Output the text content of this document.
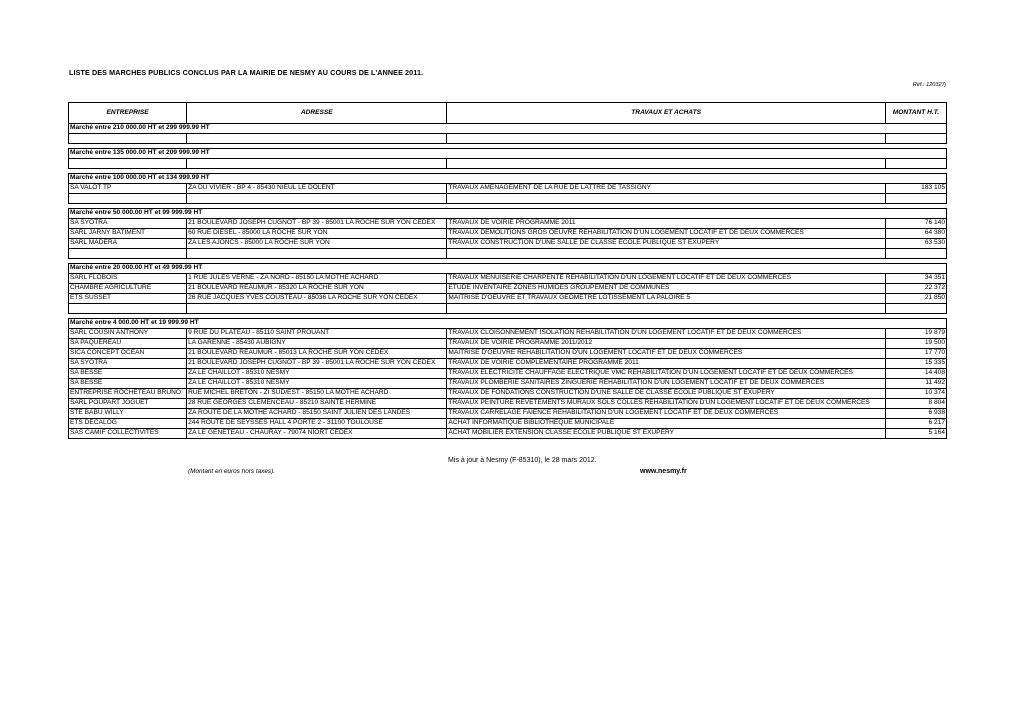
LISTE DES MARCHES PUBLICS CONCLUS PAR LA MAIRIE DE NESMY AU COURS DE L'ANNEE 2011.
Réf.: 120327j
ENTREPRISE	ADRESSE	TRAVAUX ET ACHATS	MONTANT H.T.
Marché entre 210 000.00 HT et 299 999.99 HT			

Marché entre 135 000.00 HT et 209 999.99 HT			

Marché entre 100 000.00 HT et 134 999.99 HT			
SA VALOT TP	ZA DU VIVIER - BP 4 - 85430 NIEUL LE DOLENT	TRAVAUX AMENAGEMENT DE LA RUE DE LATTRE DE TASSIGNY	183 105

Marché entre 50 000.00 HT et 99 999.99 HT			
SA SYOTRA	21 BOULEVARD JOSEPH CUGNOT - BP 39 - 85001 LA ROCHE SUR YON CEDEX	TRAVAUX DE VOIRIE PROGRAMME 2011	76 140
SARL JARNY BATIMENT	60 RUE DIESEL - 85000 LA ROCHE SUR YON	TRAVAUX DEMOLITIONS GROS OEUVRE REHABILITATION D'UN LOGEMENT LOCATIF ET DE DEUX COMMERCES	64 380
SARL MADERA	ZA LES AJONCS - 85000 LA ROCHE SUR YON	TRAVAUX CONSTRUCTION D'UNE SALLE DE CLASSE ECOLE PUBLIQUE ST EXUPERY	63 530

Marché entre 20 000.00 HT et 49 999.99 HT			
SARL FLOBOIS	1 RUE JULES VERNE - ZA NORD - 85150 LA MOTHE ACHARD	TRAVAUX MENUISERIE CHARPENTE REHABILITATION D'UN LOGEMENT LOCATIF ET DE DEUX COMMERCES	34 351
CHAMBRE AGRICULTURE	21 BOULEVARD REAUMUR - 85320 LA ROCHE SUR YON	ETUDE INVENTAIRE ZONES HUMIDES GROUPEMENT DE COMMUNES	22 372
ETS SUSSET	26 RUE JACQUES YVES COUSTEAU - 85036 LA ROCHE SUR YON CEDEX	MAITRISE D'OEUVRE ET TRAVAUX GEOMETRE LOTISSEMENT LA PALOIRE 5	21 850

Marché entre 4 000.00 HT et 19 999.99 HT			
SARL COUSIN ANTHONY	9 RUE DU PLATEAU - 85110 SAINT PROUANT	TRAVAUX CLOISONNEMENT ISOLATION REHABILITATION D'UN LOGEMENT LOCATIF ET DE DEUX COMMERCES	19 879
SA PAQUEREAU	LA GARENNE - 85430 AUBIGNY	TRAVAUX DE VOIRIE PROGRAMME 2011/2012	19 500
SICA CONCEPT OCEAN	21 BOULEVARD REAUMUR - 85013 LA ROCHE SUR YON CEDEX	MAITRISE D'OEUVRE REHABILITATION D'UN LOGEMENT LOCATIF ET DE DEUX COMMERCES	17 770
SA SYOTRA	21 BOULEVARD JOSEPH CUGNOT - BP 39 - 85001 LA ROCHE SUR YON CEDEX	TRAVAUX DE VOIRIE COMPLEMENTAIRE PROGRAMME 2011	15 335
SA BESSE	ZA LE CHAILLOT - 85310 NESMY	TRAVAUX ELECTRICITE CHAUFFAGE ELECTRIQUE VMC REHABILITATION D'UN LOGEMENT LOCATIF ET DE DEUX COMMERCES	14 408
SA BESSE	ZA LE CHAILLOT - 85310 NESMY	TRAVAUX PLOMBERIE SANITAIRES ZINGUERIE REHABILITATION D'UN LOGEMENT LOCATIF ET DE DEUX COMMERCES	11 492
ENTREPRISE ROCHETEAU BRUNO	RUE MICHEL BRETON - ZI SUD/EST - 85150 LA MOTHE ACHARD	TRAVAUX DE FONDATIONS CONSTRUCTION D'UNE SALLE DE CLASSE ECOLE PUBLIQUE ST EXUPERY	10 374
SARL POUPART JOGUET	28 RUE GEORGES CLEMENCEAU - 85210 SAINTE HERMINE	TRAVAUX PEINTURE REVETEMENTS MURAUX SOLS COLLES REHABILITATION D'UN LOGEMENT LOCATIF ET DE DEUX COMMERCES	8 804
STE BABU WILLY	ZA ROUTE DE LA MOTHE ACHARD - 85150 SAINT JULIEN DES LANDES	TRAVAUX CARRELAGE FAIENCE REHABILITATION D'UN LOGEMENT LOCATIF ET DE DEUX COMMERCES	6 938
ETS DECALOG	244 ROUTE DE SEYSSES HALL 4 PORTE 2 - 31100 TOULOUSE	ACHAT INFORMATIQUE BIBLIOTHEQUE MUNICIPALE	6 217
SAS CAMIF COLLECTIVITES	ZA LE GENETEAU - CHAURAY - 79074 NIORT CEDEX	ACHAT MOBILIER EXTENSION CLASSE ECOLE PUBLIQUE ST EXUPERY	5 164
Mis à jour à Nesmy (F-85310), le 28 mars 2012.
(Montant en euros hors taxes).	www.nesmy.fr
